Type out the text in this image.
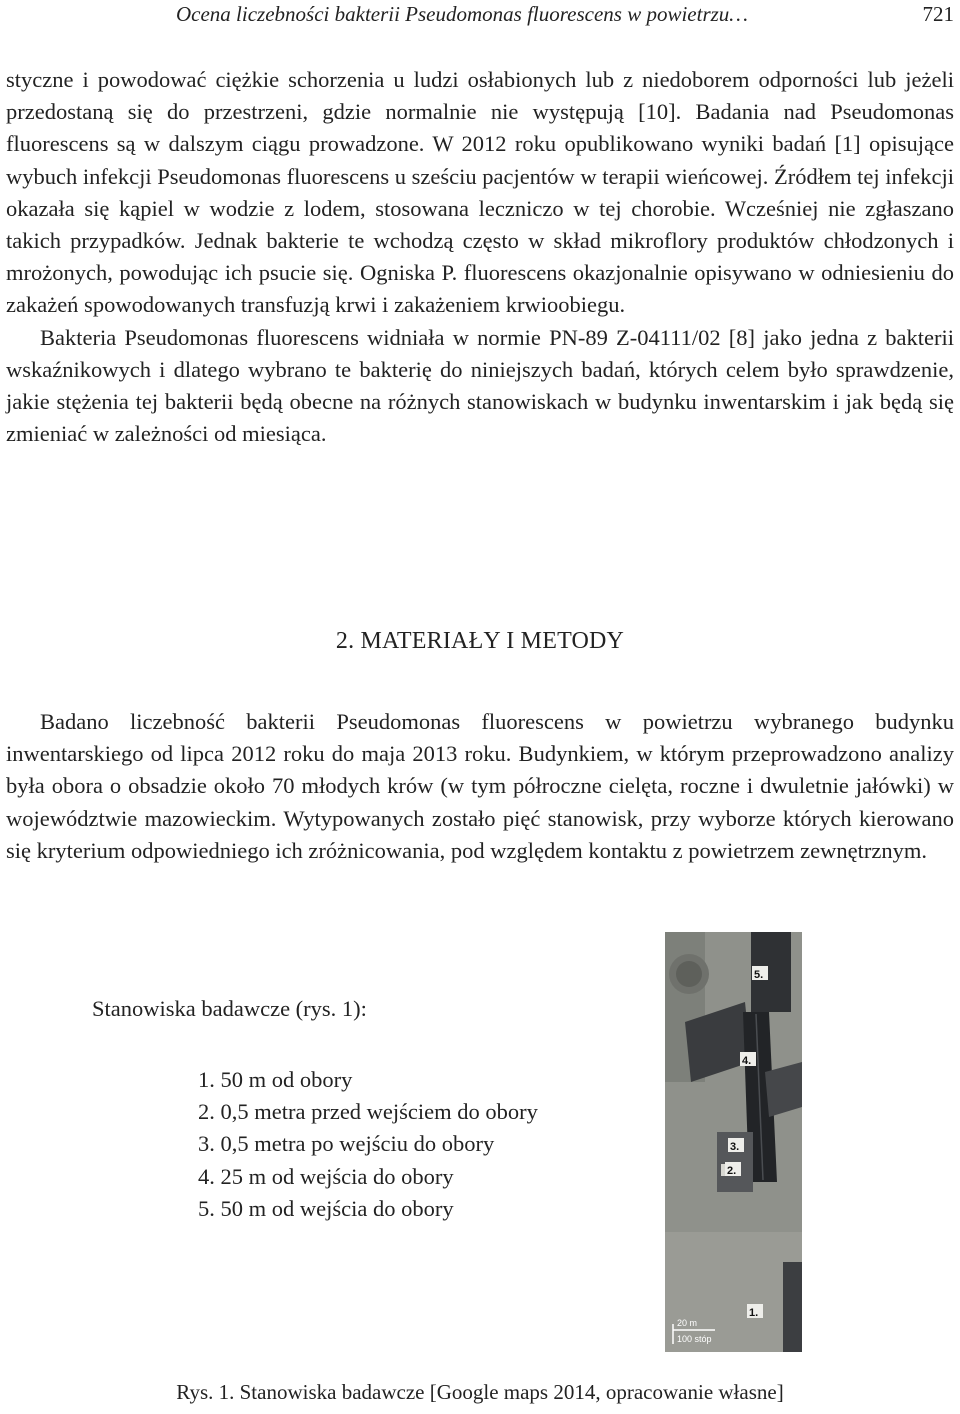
Ocena liczebności bakterii Pseudomonas fluorescens w powietrzu…	721

styczne i powodować ciężkie schorzenia u ludzi osłabionych lub z niedoborem odporności lub jeżeli przedostaną się do przestrzeni, gdzie normalnie nie występują [10]. Badania nad Pseudomonas fluorescens są w dalszym ciągu prowadzone. W 2012 roku opublikowano wyniki badań [1] opisujące wybuch infekcji Pseudomonas fluorescens u sześciu pacjentów w terapii wieńcowej. Źródłem tej infekcji okazała się kąpiel w wodzie z lodem, stosowana leczniczo w tej chorobie. Wcześniej nie zgłaszano takich przypadków. Jednak bakterie te wchodzą często w skład mikroflory produktów chłodzonych i mrożonych, powodując ich psucie się. Ogniska P. fluorescens okazjonalnie opisywano w odniesieniu do zakażeń spowodowanych transfuzją krwi i zakażeniem krwioobiegu.

Bakteria Pseudomonas fluorescens widniała w normie PN-89 Z-04111/02 [8] jako jedna z bakterii wskaźnikowych i dlatego wybrano te bakterię do niniejszych badań, których celem było sprawdzenie, jakie stężenia tej bakterii będą obecne na różnych stanowiskach w budynku inwentarskim i jak będą się zmieniać w zależności od miesiąca.

2. MATERIAŁY I METODY

Badano liczebność bakterii Pseudomonas fluorescens w powietrzu wybranego budynku inwentarskiego od lipca 2012 roku do maja 2013 roku. Budynkiem, w którym przeprowadzono analizy była obora o obsadzie około 70 młodych krów (w tym półroczne cielęta, roczne i dwuletnie jałówki) w województwie mazowieckim. Wytypowanych zostało pięć stanowisk, przy wyborze których kierowano się kryterium odpowiedniego ich zróżnicowania, pod względem kontaktu z powietrzem zewnętrznym.

Stanowiska badawcze (rys. 1):
1. 50 m od obory
2. 0,5 metra przed wejściem do obory
3. 0,5 metra po wejściu do obory
4. 25 m od wejścia do obory
5. 50 m od wejścia do obory
5.
4.
3.
2.
1.
20 m
100 stóp
Rys. 1. Stanowiska badawcze [Google maps 2014, opracowanie własne]
